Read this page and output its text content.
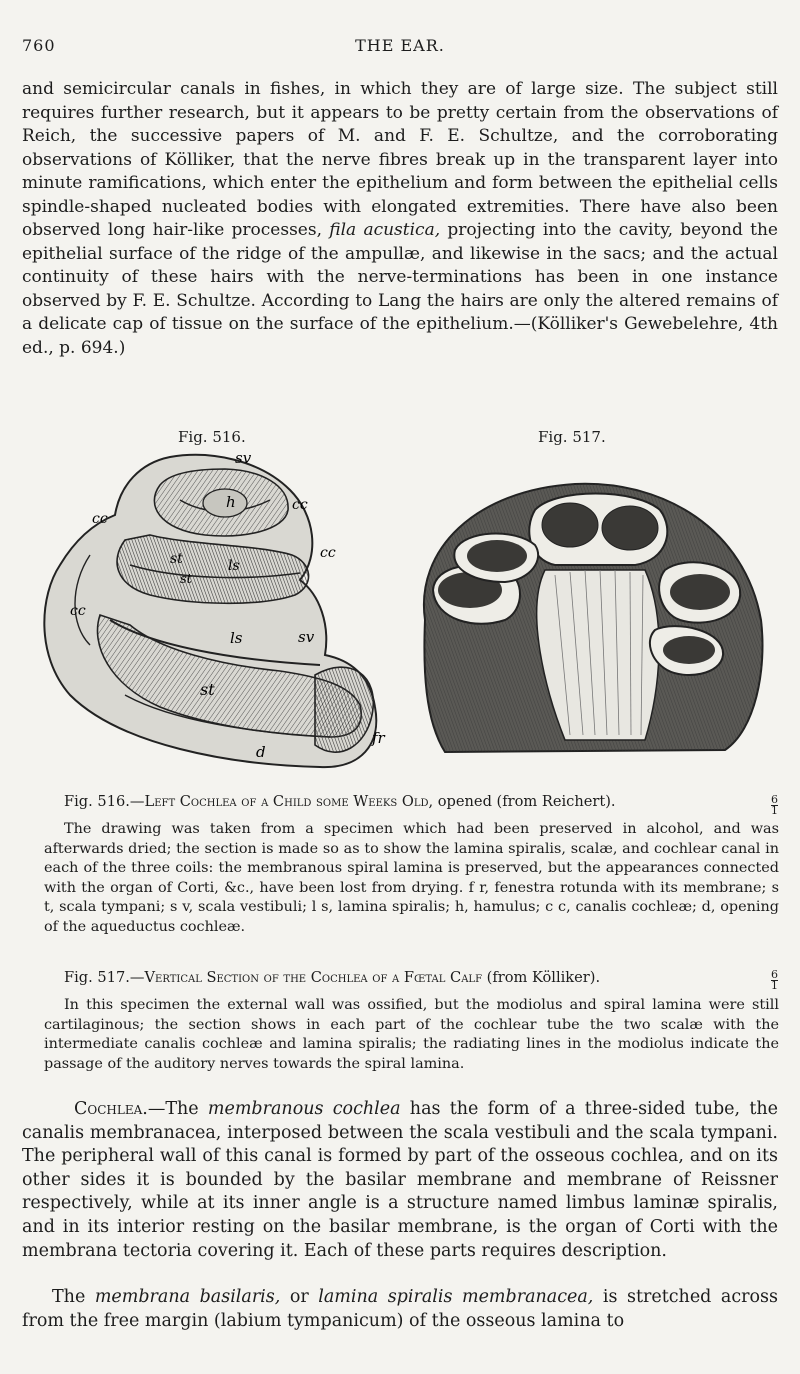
760	THE EAR.

and semicircular canals in fishes, in which they are of large size. The subject still requires further research, but it appears to be pretty certain from the observations of Reich, the successive papers of M. and F. E. Schultze, and the corroborating observations of Kölliker, that the nerve fibres break up in the transparent layer into minute ramifications, which enter the epithelium and form between the epithelial cells spindle-shaped nucleated bodies with elongated extremities. There have also been observed long hair-like processes, fila acustica, projecting into the cavity, beyond the epithelial surface of the ridge of the ampullæ, and likewise in the sacs; and the actual continuity of these hairs with the nerve-terminations has been in one instance observed by F. E. Schultze. According to Lang the hairs are only the altered remains of a delicate cap of tissue on the surface of the epithelium.—(Kölliker's Gewebelehre, 4th ed., p. 694.)

Fig. 516.
sv
cc
cc
h
st	ls
st
cc
cc
ls	sv
st
fr
d
Fig. 517.
Fig. 516.—Left Cochlea of a Child some Weeks Old, opened (from Reichert).	$\frac{6}{1}$

The drawing was taken from a specimen which had been preserved in alcohol, and was afterwards dried; the section is made so as to show the lamina spiralis, scalæ, and cochlear canal in each of the three coils: the membranous spiral lamina is preserved, but the appearances connected with the organ of Corti, &c., have been lost from drying. f r, fenestra rotunda with its membrane; s t, scala tympani; s v, scala vestibuli; l s, lamina spiralis; h, hamulus; c c, canalis cochleæ; d, opening of the aqueductus cochleæ.

Fig. 517.—Vertical Section of the Cochlea of a Fœtal Calf (from Kölliker).	$\frac{6}{1}$

In this specimen the external wall was ossified, but the modiolus and spiral lamina were still cartilaginous; the section shows in each part of the cochlear tube the two scalæ with the intermediate canalis cochleæ and lamina spiralis; the radiating lines in the modiolus indicate the passage of the auditory nerves towards the spiral lamina.

Cochlea.—The membranous cochlea has the form of a three-sided tube, the canalis membranacea, interposed between the scala vestibuli and the scala tympani. The peripheral wall of this canal is formed by part of the osseous cochlea, and on its other sides it is bounded by the basilar membrane and membrane of Reissner respectively, while at its inner angle is a structure named limbus laminæ spiralis, and in its interior resting on the basilar membrane, is the organ of Corti with the membrana tectoria covering it. Each of these parts requires description.

The membrana basilaris, or lamina spiralis membranacea, is stretched across from the free margin (labium tympanicum) of the osseous lamina to
